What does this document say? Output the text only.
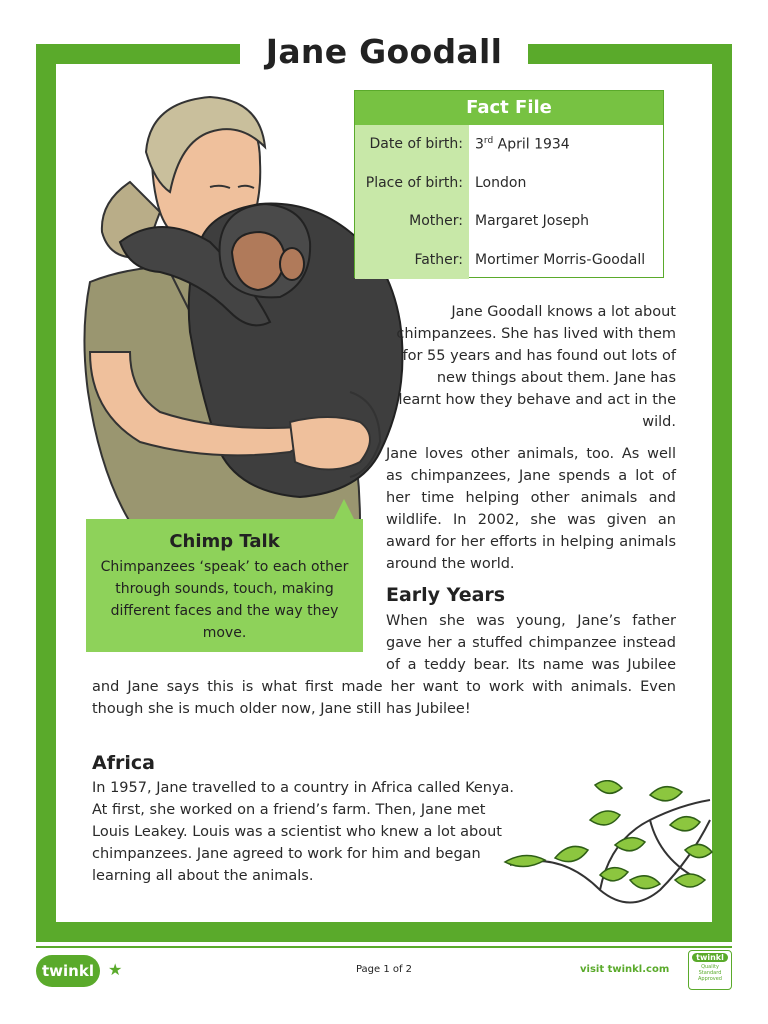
Jane Goodall
Fact File
Date of birth: 3rd April 1934
Place of birth: London
Mother: Margaret Joseph
Father: Mortimer Morris-Goodall
Jane Goodall knows a lot about chimpanzees. She has lived with them for 55 years and has found out lots of new things about them. Jane has learnt how they behave and act in the wild.
Jane loves other animals, too. As well as chimpanzees, Jane spends a lot of her time helping other animals and wildlife. In 2002, she was given an award for her efforts in helping animals around the world.
Early Years
When she was young, Jane’s father gave her a stuffed chimpanzee instead of a teddy bear. Its name was Jubilee and Jane says this is what first made her want to work with animals. Even though she is much older now, Jane still has Jubilee!
Africa
In 1957, Jane travelled to a country in Africa called Kenya. At first, she worked on a friend’s farm. Then, Jane met Louis Leakey. Louis was a scientist who knew a lot about chimpanzees. Jane agreed to work for him and began learning all about the animals.
Chimp Talk
Chimpanzees ‘speak’ to each other through sounds, touch, making different faces and the way they move.
twinkl ★	Page 1 of 2	visit twinkl.com
twinkl
Quality Standard Approved
